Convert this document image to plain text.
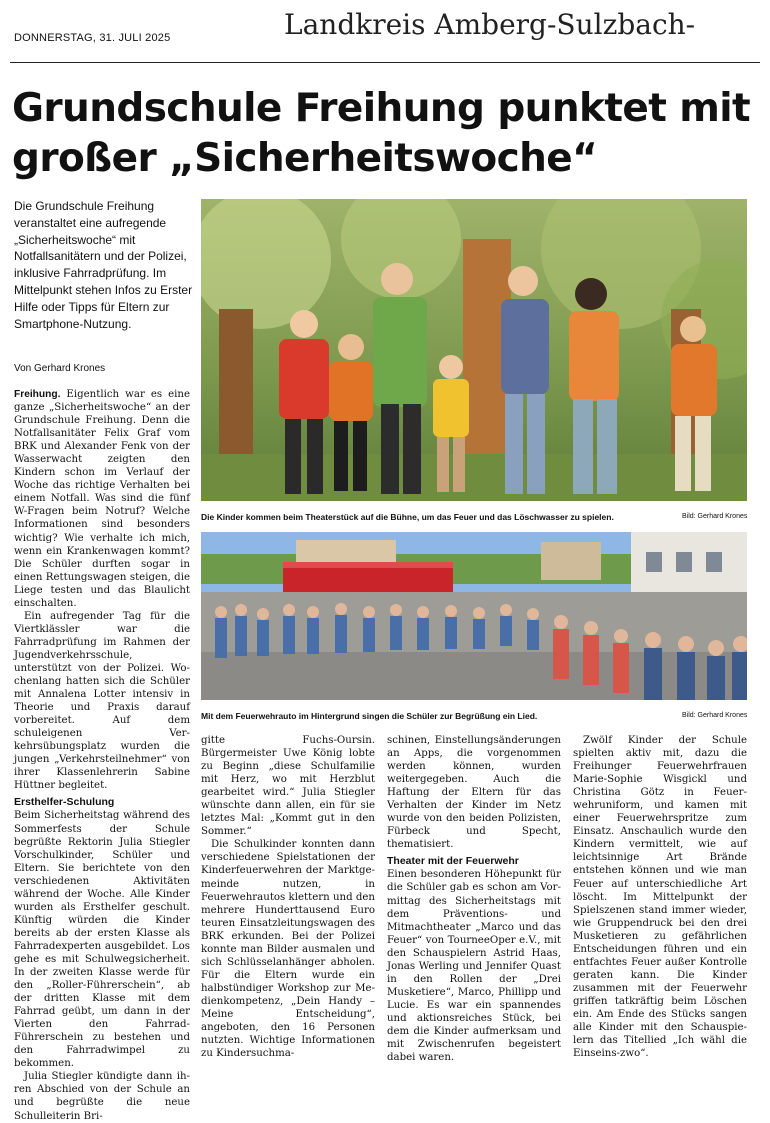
DONNERSTAG, 31. JULI 2025	Landkreis Amberg-Sulzbach-
Grundschule Freihung punktet mit
großer „Sicherheitswoche“
Die Grundschule Freihung veranstaltet eine aufregende „Sicherheitswoche“ mit Notfallsanitätern und der Polizei, inklusive Fahrradprüfung. Im Mittelpunkt stehen Infos zu Erster Hilfe oder Tipps für Eltern zur Smartphone-Nutzung.
Von Gerhard Krones
Die Kinder kommen beim Theaterstück auf die Bühne, um das Feuer und das Löschwasser zu spielen.	Bild: Gerhard Krones
Mit dem Feuerwehrauto im Hintergrund singen die Schüler zur Begrüßung ein Lied.	Bild: Gerhard Krones

Freihung. Eigentlich war es eine ganze „Sicherheitswoche“ an der Grundschule Freihung. Denn die Notfallsanitäter Felix Graf vom BRK und Alexander Fenk von der Wasserwacht zeigten den Kindern schon im Verlauf der Woche das richtige Verhalten bei einem Notfall. Was sind die fünf W-Fragen beim Notruf? Welche Informationen sind besonders wichtig? Wie verhalte ich mich, wenn ein Krankenwagen kommt? Die Schüler durften sogar in einen Rettungswagen steigen, die Liege testen und das Blaulicht einschalten.

Ein aufregender Tag für die Viertklässler war die Fahrradprüfung im Rahmen der Jugendverkehrsschule, unterstützt von der Polizei. Wochenlang hatten sich die Schüler mit Annalena Lotter intensiv in Theorie und Praxis darauf vorbereitet. Auf dem schuleigenen Verkehrsübungsplatz wurden die jungen „Verkehrsteilnehmer“ von ihrer Klassenlehrerin Sabine Hüttner begleitet.

Ersthelfer-Schulung

Beim Sicherheitstag während des Sommerfests der Schule begrüßte Rektorin Julia Stiegler Vorschulkinder, Schüler und Eltern. Sie berichtete von den verschiedenen Aktivitäten während der Woche. Alle Kinder wurden als Ersthelfer geschult. Künftig würden die Kinder bereits ab der ersten Klasse als Fahrradexperten ausgebildet. Los gehe es mit Schulwegsicherheit. In der zweiten Klasse werde für den „Roller-Führerschein“, ab der dritten Klasse mit dem Fahrrad geübt, um dann in der Vierten den Fahrrad-Führerschein zu bestehen und den Fahrradwimpel zu bekommen.

Julia Stiegler kündigte dann ihren Abschied von der Schule an und begrüßte die neue Schulleiterin Bri-

gitte Fuchs-Oursin. Bürgermeister Uwe König lobte zu Beginn „diese Schulfamilie mit Herz, wo mit Herzblut gearbeitet wird.“ Julia Stiegler wünschte dann allen, ein für sie letztes Mal: „Kommt gut in den Sommer.“

Die Schulkinder konnten dann verschiedene Spielstationen der Kinderfeuerwehren der Marktgemeinde nutzen, in Feuerwehrautos klettern und den mehrere Hunderttausend Euro teuren Einsatzleitungswagen des BRK erkunden. Bei der Polizei konnte man Bilder ausmalen und sich Schlüsselanhänger abholen. Für die Eltern wurde ein halbstündiger Workshop zur Medienkompetenz, „Dein Handy – Meine Entscheidung“, angeboten, den 16 Personen nutzten. Wichtige Informationen zu Kindersuchma-

schinen, Einstellungsänderungen an Apps, die vorgenommen werden können, wurden weitergegeben. Auch die Haftung der Eltern für das Verhalten der Kinder im Netz wurde von den beiden Polizisten, Fürbeck und Specht, thematisiert.

Theater mit der Feuerwehr

Einen besonderen Höhepunkt für die Schüler gab es schon am Vormittag des Sicherheitstags mit dem Präventions- und Mitmachtheater „Marco und das Feuer“ von TourneeOper e.V., mit den Schauspielern Astrid Haas, Jonas Werling und Jennifer Quast in den Rollen der „Drei Musketiere“, Marco, Phillipp und Lucie. Es war ein spannendes und aktionsreiches Stück, bei dem die Kinder aufmerksam und mit Zwischenrufen begeistert dabei waren.

Zwölf Kinder der Schule spielten aktiv mit, dazu die Freihunger Feuerwehrfrauen Marie-Sophie Wisgickl und Christina Götz in Feuerwehruniform, und kamen mit einer Feuerwehrspritze zum Einsatz. Anschaulich wurde den Kindern vermittelt, wie auf leichtsinnige Art Brände entstehen können und wie man Feuer auf unterschiedliche Art löscht. Im Mittelpunkt der Spielszenen stand immer wieder, wie Gruppendruck bei den drei Musketieren zu gefährlichen Entscheidungen führen und ein entfachtes Feuer außer Kontrolle geraten kann. Die Kinder zusammen mit der Feuerwehr griffen tatkräftig beim Löschen ein. Am Ende des Stücks sangen alle Kinder mit den Schauspielern das Titellied „Ich wähl die Einseins-zwo“.
